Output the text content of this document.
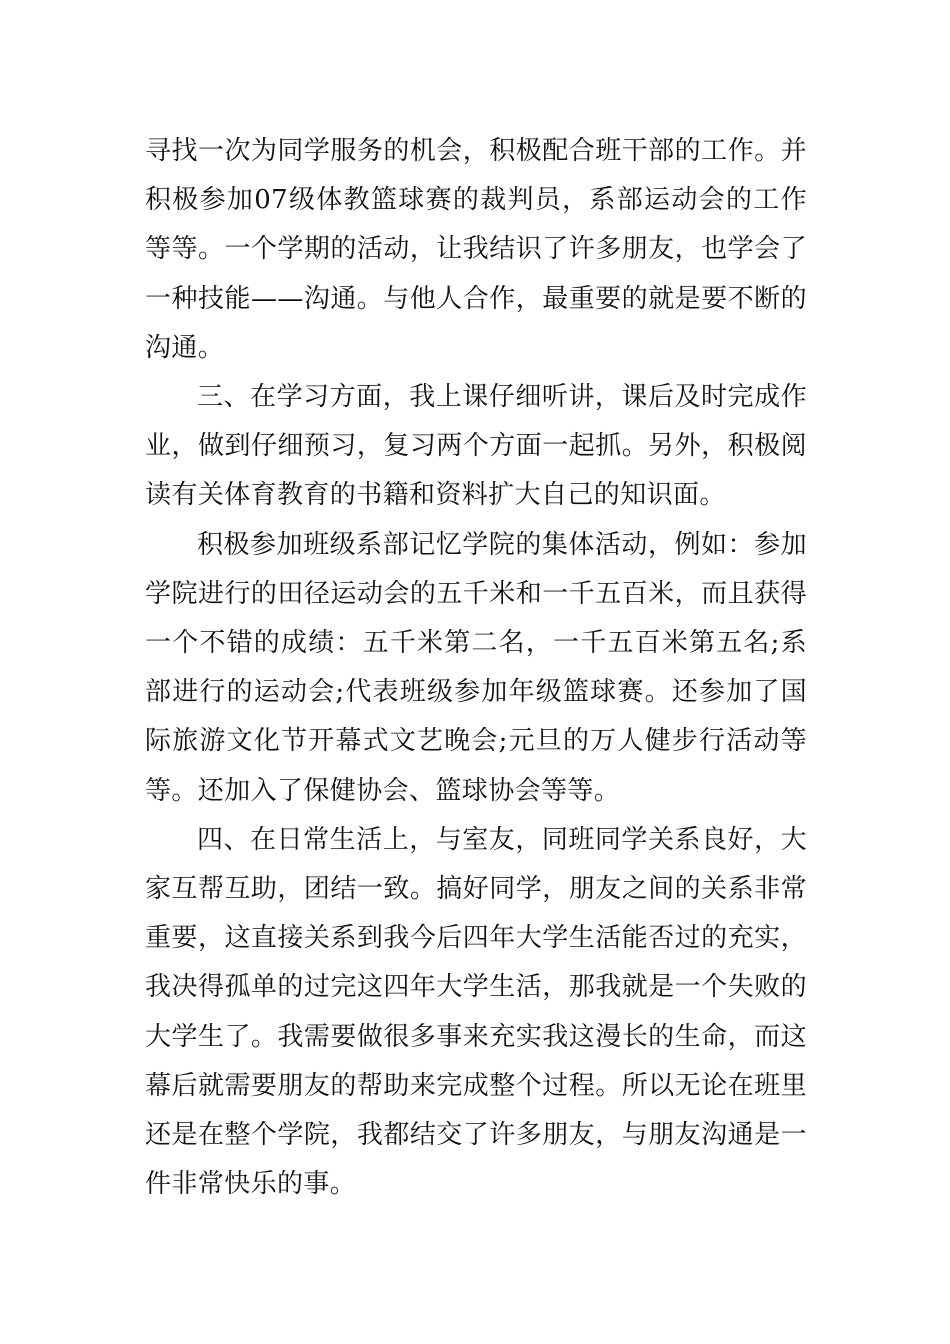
寻找一次为同学服务的机会，积极配合班干部的工作。并积极参加07级体教篮球赛的裁判员，系部运动会的工作等等。一个学期的活动，让我结识了许多朋友，也学会了一种技能——沟通。与他人合作，最重要的就是要不断的沟通。

三、在学习方面，我上课仔细听讲，课后及时完成作业，做到仔细预习，复习两个方面一起抓。另外，积极阅读有关体育教育的书籍和资料扩大自己的知识面。

积极参加班级系部记忆学院的集体活动，例如：参加学院进行的田径运动会的五千米和一千五百米，而且获得一个不错的成绩：五千米第二名，一千五百米第五名;系部进行的运动会;代表班级参加年级篮球赛。还参加了国际旅游文化节开幕式文艺晚会;元旦的万人健步行活动等等。还加入了保健协会、篮球协会等等。

四、在日常生活上，与室友，同班同学关系良好，大家互帮互助，团结一致。搞好同学，朋友之间的关系非常重要，这直接关系到我今后四年大学生活能否过的充实，我决得孤单的过完这四年大学生活，那我就是一个失败的大学生了。我需要做很多事来充实我这漫长的生命，而这幕后就需要朋友的帮助来完成整个过程。所以无论在班里还是在整个学院，我都结交了许多朋友，与朋友沟通是一件非常快乐的事。
